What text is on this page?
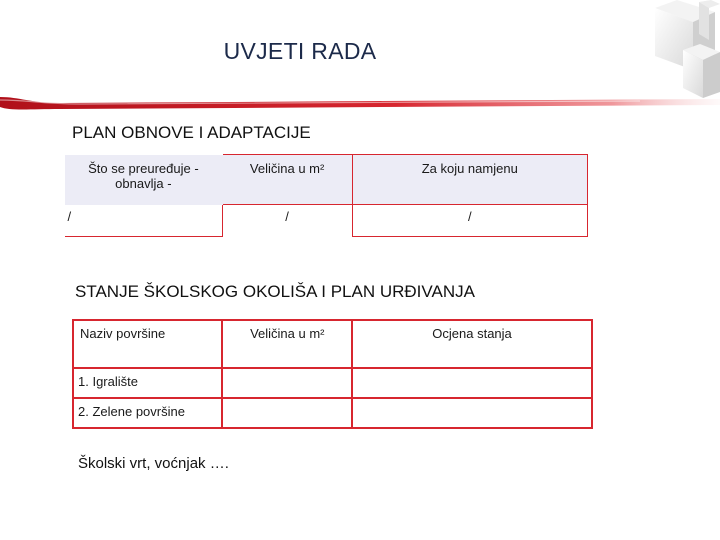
UVJETI RADA
PLAN OBNOVE I ADAPTACIJE
Što se preuređuje - obnavlja -	Veličina u m²	Za koju namjenu
/	/	/
STANJE ŠKOLSKOG OKOLIŠA I PLAN URĐIVANJA
Naziv površine	Veličina u m²	Ocjena stanja
1. Igralište		
2. Zelene površine		
Školski vrt, voćnjak ….
